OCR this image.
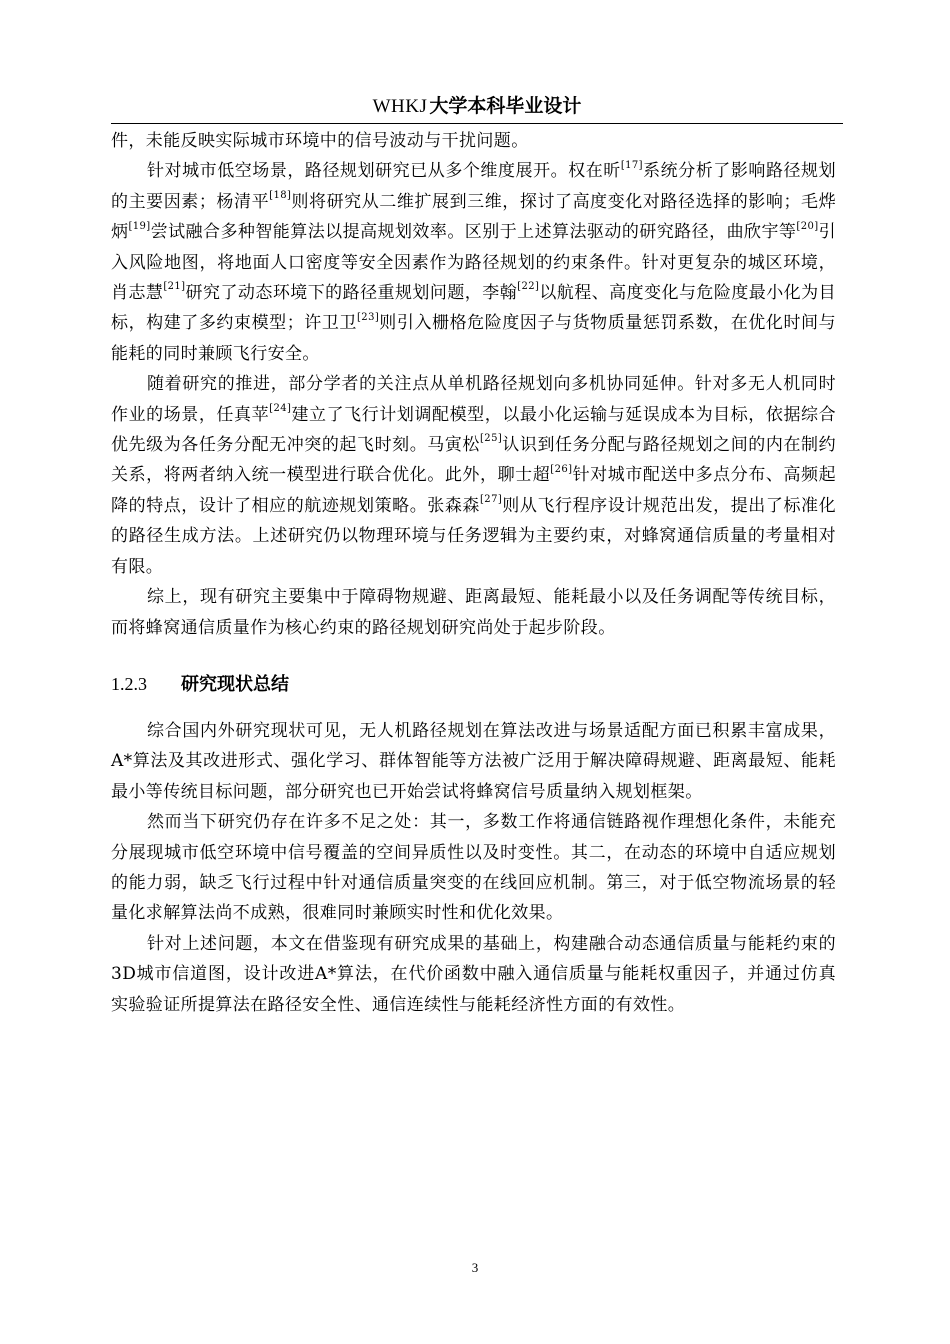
WHKJ 大学本科毕业设计

件，未能反映实际城市环境中的信号波动与干扰问题。

针对城市低空场景，路径规划研究已从多个维度展开。权在昕[17]系统分析了影响路径规划的主要因素；杨清平[18]则将研究从二维扩展到三维，探讨了高度变化对路径选择的影响；毛烨炳[19]尝试融合多种智能算法以提高规划效率。区别于上述算法驱动的研究路径，曲欣宇等[20]引入风险地图，将地面人口密度等安全因素作为路径规划的约束条件。针对更复杂的城区环境，肖志慧[21]研究了动态环境下的路径重规划问题，李翰[22]以航程、高度变化与危险度最小化为目标，构建了多约束模型；许卫卫[23]则引入栅格危险度因子与货物质量惩罚系数，在优化时间与能耗的同时兼顾飞行安全。

随着研究的推进，部分学者的关注点从单机路径规划向多机协同延伸。针对多无人机同时作业的场景，任真苹[24]建立了飞行计划调配模型，以最小化运输与延误成本为目标，依据综合优先级为各任务分配无冲突的起飞时刻。马寅松[25]认识到任务分配与路径规划之间的内在制约关系，将两者纳入统一模型进行联合优化。此外，聊士超[26]针对城市配送中多点分布、高频起降的特点，设计了相应的航迹规划策略。张森森[27]则从飞行程序设计规范出发，提出了标准化的路径生成方法。上述研究仍以物理环境与任务逻辑为主要约束，对蜂窝通信质量的考量相对有限。

综上，现有研究主要集中于障碍物规避、距离最短、能耗最小以及任务调配等传统目标，而将蜂窝通信质量作为核心约束的路径规划研究尚处于起步阶段。

1.2.3 研究现状总结

综合国内外研究现状可见，无人机路径规划在算法改进与场景适配方面已积累丰富成果，A*算法及其改进形式、强化学习、群体智能等方法被广泛用于解决障碍规避、距离最短、能耗最小等传统目标问题，部分研究也已开始尝试将蜂窝信号质量纳入规划框架。

然而当下研究仍存在许多不足之处：其一，多数工作将通信链路视作理想化条件，未能充分展现城市低空环境中信号覆盖的空间异质性以及时变性。其二，在动态的环境中自适应规划的能力弱，缺乏飞行过程中针对通信质量突变的在线回应机制。第三，对于低空物流场景的轻量化求解算法尚不成熟，很难同时兼顾实时性和优化效果。

针对上述问题，本文在借鉴现有研究成果的基础上，构建融合动态通信质量与能耗约束的3D城市信道图，设计改进A*算法，在代价函数中融入通信质量与能耗权重因子，并通过仿真实验验证所提算法在路径安全性、通信连续性与能耗经济性方面的有效性。

3
